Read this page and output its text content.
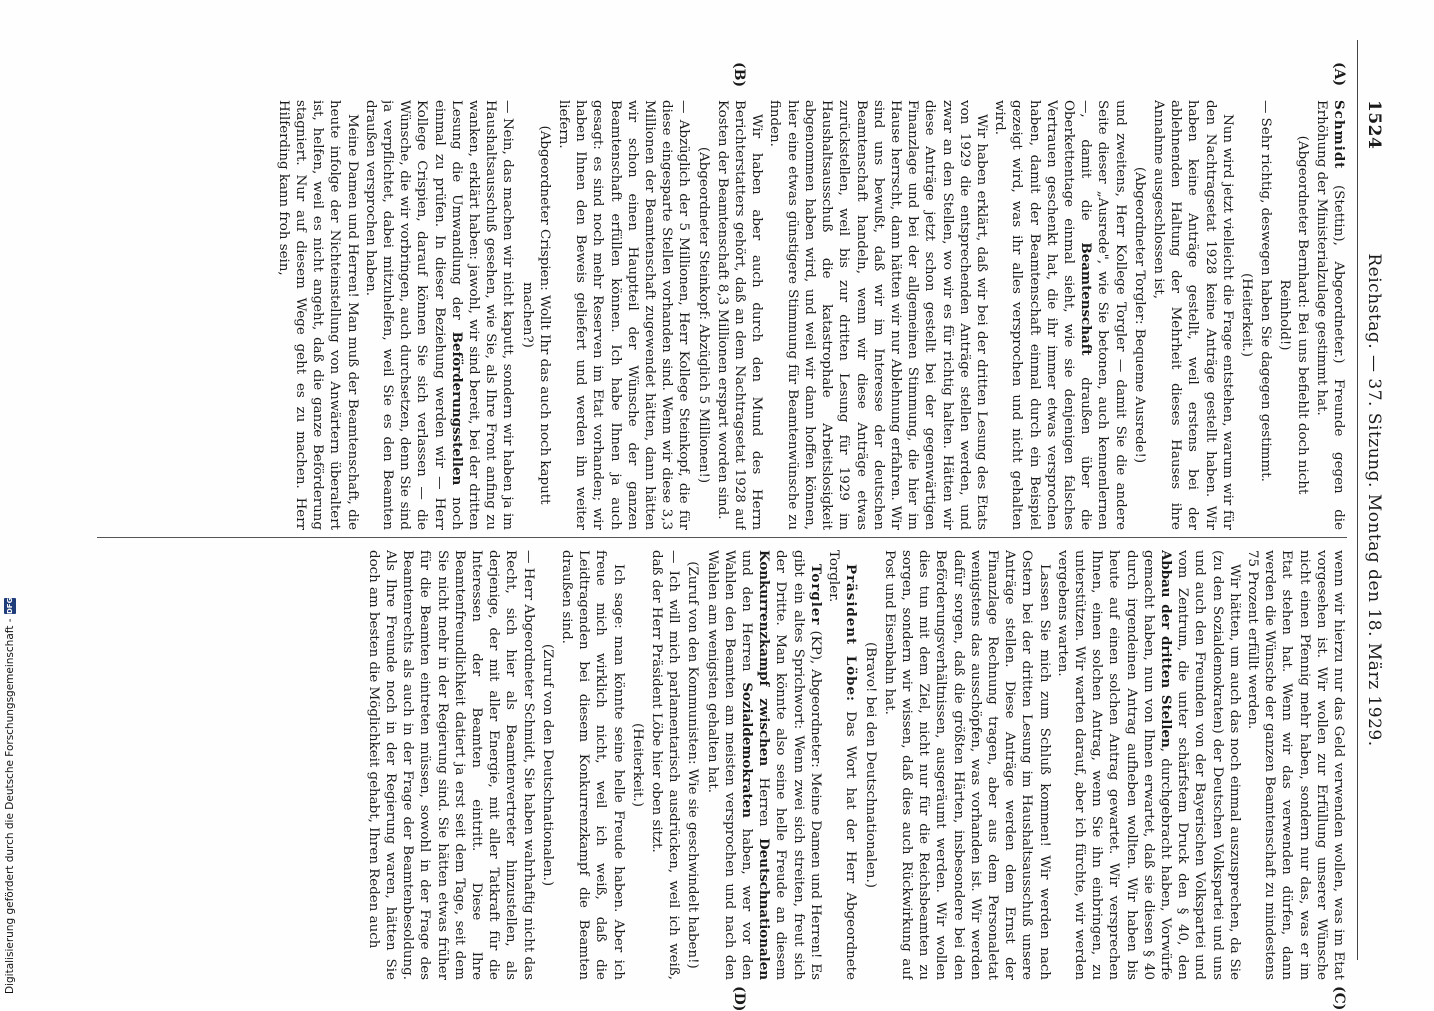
1524
Reichstag. — 37. Sitzung. Montag den 18. März 1929.
(A)
(B)
(C)
(D)

Schmidt (Stettin), Abgeordneter.) Freunde gegen die Erhöhung der Ministerialzulage gestimmt hat.

(Abgeordneter Bernhard: Bei uns befiehlt doch nicht Reinhold!)

— Sehr richtig, deswegen haben Sie dagegen gestimmt.

(Heiterkeit.)

Nun wird jetzt vielleicht die Frage entstehen, warum wir für den Nachtragsetat 1928 keine Anträge gestellt haben. Wir haben keine Anträge gestellt, weil erstens bei der ablehnenden Haltung der Mehrheit dieses Hauses ihre Annahme ausgeschlossen ist,

(Abgeordneter Torgler: Bequeme Ausrede!)

und zweitens, Herr Kollege Torgler — damit Sie die andere Seite dieser „Ausrede", wie Sie betonen, auch kennenlernen —, damit die Beamtenschaft draußen über die Oberkettentage einmal sieht, wie sie denjenigen falsches Vertrauen geschenkt hat, die ihr immer etwas versprochen haben, damit der Beamtenschaft einmal durch ein Beispiel gezeigt wird, was ihr alles versprochen und nicht gehalten wird.

Wir haben erklärt, daß wir bei der dritten Lesung des Etats von 1929 die entsprechenden Anträge stellen werden, und zwar an den Stellen, wo wir es für richtig halten. Hätten wir diese Anträge jetzt schon gestellt bei der gegenwärtigen Finanzlage und bei der allgemeinen Stimmung, die hier im Hause herrscht, dann hätten wir nur Ablehnung erfahren. Wir sind uns bewußt, daß wir im Interesse der deutschen Beamtenschaft handeln, wenn wir diese Anträge etwas zurückstellen, weil bis zur dritten Lesung für 1929 im Haushaltsausschuß die katastrophale Arbeitslosigkeit abgenommen haben wird, und weil wir dann hoffen können, hier eine etwas günstigere Stimmung für Beamtenwünsche zu finden.

Wir haben aber auch durch den Mund des Herrn Berichterstatters gehört, daß an dem Nachtragsetat 1928 auf Kosten der Beamtenschaft 8,3 Millionen erspart worden sind.

(Abgeordneter Steinkopf: Abzüglich 5 Millionen!)

— Abzüglich der 5 Millionen, Herr Kollege Steinkopf, die für diese eingesparte Stellen vorhanden sind. Wenn wir diese 3,3 Millionen der Beamtenschaft zugewendet hätten, dann hätten wir schon einen Hauptteil der Wünsche der ganzen Beamtenschaft erfüllen können. Ich habe Ihnen ja auch gesagt: es sind noch mehr Reserven im Etat vorhanden; wir haben Ihnen den Beweis geliefert und werden ihn weiter liefern.

(Abgeordneter Crispien: Wollt Ihr das auch noch kaputt machen?)

— Nein, das machen wir nicht kaputt, sondern wir haben ja im Haushaltsausschuß gesehen, wie Sie, als Ihre Front anfing zu wanken, erklärt haben: jawohl, wir sind bereit, bei der dritten Lesung die Umwandlung der Beförderungsstellen noch einmal zu prüfen. In dieser Beziehung werden wir — Herr Kollege Crispien, darauf können Sie sich verlassen — die Wünsche, die wir vorbringen, auch durchsetzen, denn Sie sind ja verpflichtet, dabei mitzuhelfen, weil Sie es den Beamten draußen versprochen haben.

Meine Damen und Herren! Man muß der Beamtenschaft, die heute infolge der Nichteinstellung von Anwärtern überaltert ist, helfen, weil es nicht angeht, daß die ganze Beförderung stagniert. Nur auf diesem Wege geht es zu machen. Herr Hilferding kann froh sein,

wenn wir hierzu nur das Geld verwenden wollen, was im Etat vorgesehen ist. Wir wollen zur Erfüllung unserer Wünsche nicht einen Pfennig mehr haben, sondern nur das, was er im Etat stehen hat. Wenn wir das verwenden dürfen, dann werden die Wünsche der ganzen Beamtenschaft zu mindestens 75 Prozent erfüllt werden.

Wir hätten, um auch das noch einmal auszusprechen, da Sie (zu den Sozialdemokraten) der Deutschen Volkspartei und uns und auch den Freunden von der Bayerischen Volkspartei und vom Zentrum, die unter schärfstem Druck den § 40, den Abbau der dritten Stellen, durchgebracht haben, Vorwürfe gemacht haben, nun von Ihnen erwartet, daß sie diesen § 40 durch irgendeinen Antrag aufheben wollten. Wir haben bis heute auf einen solchen Antrag gewartet. Wir versprechen Ihnen, einen solchen Antrag, wenn Sie ihn einbringen, zu unterstützen. Wir warten darauf, aber ich fürchte, wir werden vergebens warten.

Lassen Sie mich zum Schluß kommen! Wir werden nach Ostern bei der dritten Lesung im Haushaltsausschuß unsere Anträge stellen. Diese Anträge werden dem Ernst der Finanzlage Rechnung tragen, aber aus dem Personaletat wenigstens das ausschöpfen, was vorhanden ist. Wir werden dafür sorgen, daß die größten Härten, insbesondere bei den Beförderungsverhältnissen, ausgeräumt werden. Wir wollen dies tun mit dem Ziel, nicht nur für die Reichsbeamten zu sorgen, sondern wir wissen, daß dies auch Rückwirkung auf Post und Eisenbahn hat.

(Bravo! bei den Deutschnationalen.)

Präsident Löbe: Das Wort hat der Herr Abgeordnete Torgler.

Torgler (KP), Abgeordneter: Meine Damen und Herren! Es gibt ein altes Sprichwort: Wenn zwei sich streiten, freut sich der Dritte. Man könnte also seine helle Freude an diesem Konkurrenzkampf zwischen Herren Deutschnationalen und den Herren Sozialdemokraten haben, wer vor den Wahlen den Beamten am meisten versprochen und nach den Wahlen am wenigsten gehalten hat.

(Zuruf von den Kommunisten: Wie sie geschwindelt haben!)

— Ich will mich parlamentarisch ausdrücken, weil ich weiß, daß der Herr Präsident Löbe hier oben sitzt.

(Heiterkeit.)

Ich sage: man könnte seine helle Freude haben. Aber ich freue mich wirklich nicht, weil ich weiß, daß die Leidtragenden bei diesem Konkurrenzkampf die Beamten draußen sind.

(Zuruf von den Deutschnationalen.)

— Herr Abgeordneter Schmidt, Sie haben wahrhaftig nicht das Recht, sich hier als Beamtenvertreter hinzustellen, als derjenige, der mit aller Energie, mit aller Tatkraft für die Interessen der Beamten eintritt. Diese Ihre Beamtenfreundlichkeit datiert ja erst seit dem Tage, seit dem Sie nicht mehr in der Regierung sind. Sie hätten etwas früher für die Beamten eintreten müssen, sowohl in der Frage des Beamtenrechts als auch in der Frage der Beamtenbesoldung. Als Ihre Freunde noch in der Regierung waren, hätten Sie doch am besten die Möglichkeit gehabt, Ihren Reden auch

Digitalisierung gefördert durch die Deutsche Forschungsgemeinschaft -
DFG
